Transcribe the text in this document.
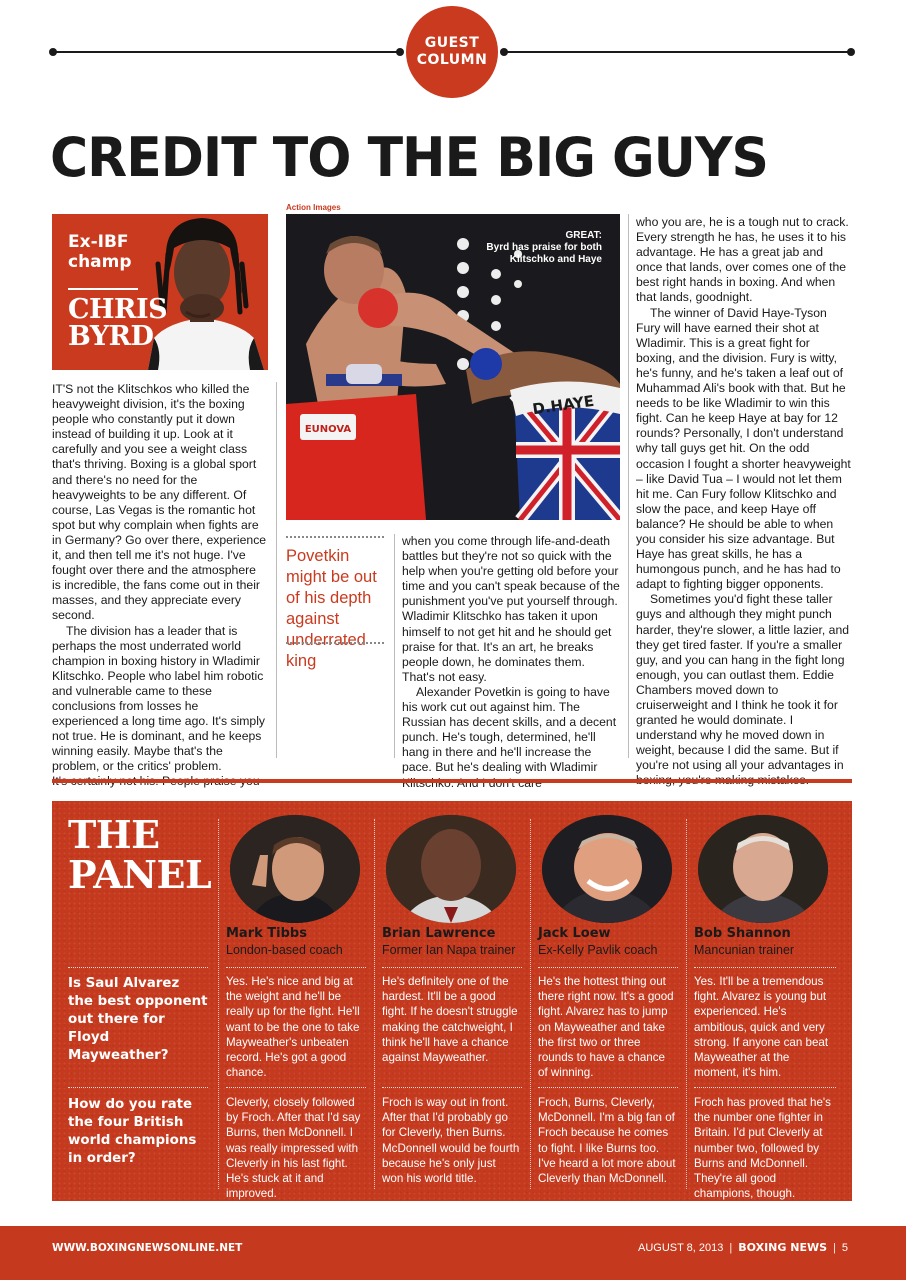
GUEST
COLUMN
CREDIT TO THE BIG GUYS
Ex-IBF
champ
CHRIS
BYRD

IT'S not the Klitschkos who killed the heavyweight division, it's the boxing people who constantly put it down instead of building it up. Look at it carefully and you see a weight class that's thriving. Boxing is a global sport and there's no need for the heavyweights to be any different. Of course, Las Vegas is the romantic hot spot but why complain when fights are in Germany? Go over there, experience it, and then tell me it's not huge. I've fought over there and the atmosphere is incredible, the fans come out in their masses, and they appreciate every second.

The division has a leader that is perhaps the most underrated world champion in boxing history in Wladimir Klitschko. People who label him robotic and vulnerable came to these conclusions from losses he experienced a long time ago. It's simply not true. He is dominant, and he keeps winning easily. Maybe that's the problem, or the critics' problem.

Action Images
EUNOVA
D.HAYE
GREAT:
Byrd has praise for both
Klitschko and Haye
Povetkin might be out of his depth against underrated king

when you come through life-and-death battles but they're not so quick with the help when you're getting old before your time and you can't speak because of the punishment you've put yourself through. Wladimir Klitschko has taken it upon himself to not get hit and he should get praise for that. It's an art, he breaks people down, he dominates them. That's not easy.

Alexander Povetkin is going to have his work cut out against him. The Russian has decent skills, and a decent punch. He's tough, determined, he'll hang in there and he'll increase the pace. But he's dealing with Wladimir

who you are, he is a tough nut to crack. Every strength he has, he uses it to his advantage. He has a great jab and once that lands, over comes one of the best right hands in boxing. And when that lands, goodnight.

The winner of David Haye-Tyson Fury will have earned their shot at Wladimir. This is a great fight for boxing, and the division. Fury is witty, he's funny, and he's taken a leaf out of Muhammad Ali's book with that. But he needs to be like Wladimir to win this fight. Can he keep Haye at bay for 12 rounds? Personally, I don't understand why tall guys get hit. On the odd occasion I fought a shorter heavyweight – like David Tua – I would not let them hit me. Can Fury follow Klitschko and slow the pace, and keep Haye off balance? He should be able to when you consider his size advantage. But Haye has great skills, he has a humongous punch, and he has had to adapt to fighting bigger opponents.

Sometimes you'd fight these taller guys and although they might punch harder, they're slower, a little lazier, and they get tired faster. If you're a smaller guy, and you can hang in the fight long enough, you can outlast them. Eddie Chambers moved down to cruiserweight and I think he took it for granted he would dominate. I understand why he moved down in weight, because I did the same. But if you're not using all your advantages in

THE
PANEL
Mark Tibbs
London-based coach
Brian Lawrence
Former Ian Napa trainer
Jack Loew
Ex-Kelly Pavlik coach
Bob Shannon
Mancunian trainer
Is Saul Alvarez the best opponent out there for Floyd Mayweather?
Yes. He's nice and big at the weight and he'll be really up for the fight. He'll want to be the one to take Mayweather's unbeaten record. He's got a good chance.
He's definitely one of the hardest. It'll be a good fight. If he doesn't struggle making the catchweight, I think he'll have a chance against Mayweather.
He's the hottest thing out there right now. It's a good fight. Alvarez has to jump on Mayweather and take the first two or three rounds to have a chance of winning.
Yes. It'll be a tremendous fight. Alvarez is young but experienced. He's ambitious, quick and very strong. If anyone can beat Mayweather at the moment, it's him.
How do you rate the four British world champions in order?
Cleverly, closely followed by Froch. After that I'd say Burns, then McDonnell. I was really impressed with Cleverly in his last fight. He's stuck at it and improved.
Froch is way out in front. After that I'd probably go for Cleverly, then Burns. McDonnell would be fourth because he's only just won his world title.
Froch, Burns, Cleverly, McDonnell. I'm a big fan of Froch because he comes to fight. I like Burns too. I've heard a lot more about Cleverly than McDonnell.
Froch has proved that he's the number one fighter in Britain. I'd put Cleverly at number two, followed by Burns and McDonnell. They're all good champions, though.
WWW.BOXINGNEWSONLINE.NET	AUGUST 8, 2013 | BOXING NEWS | 5
